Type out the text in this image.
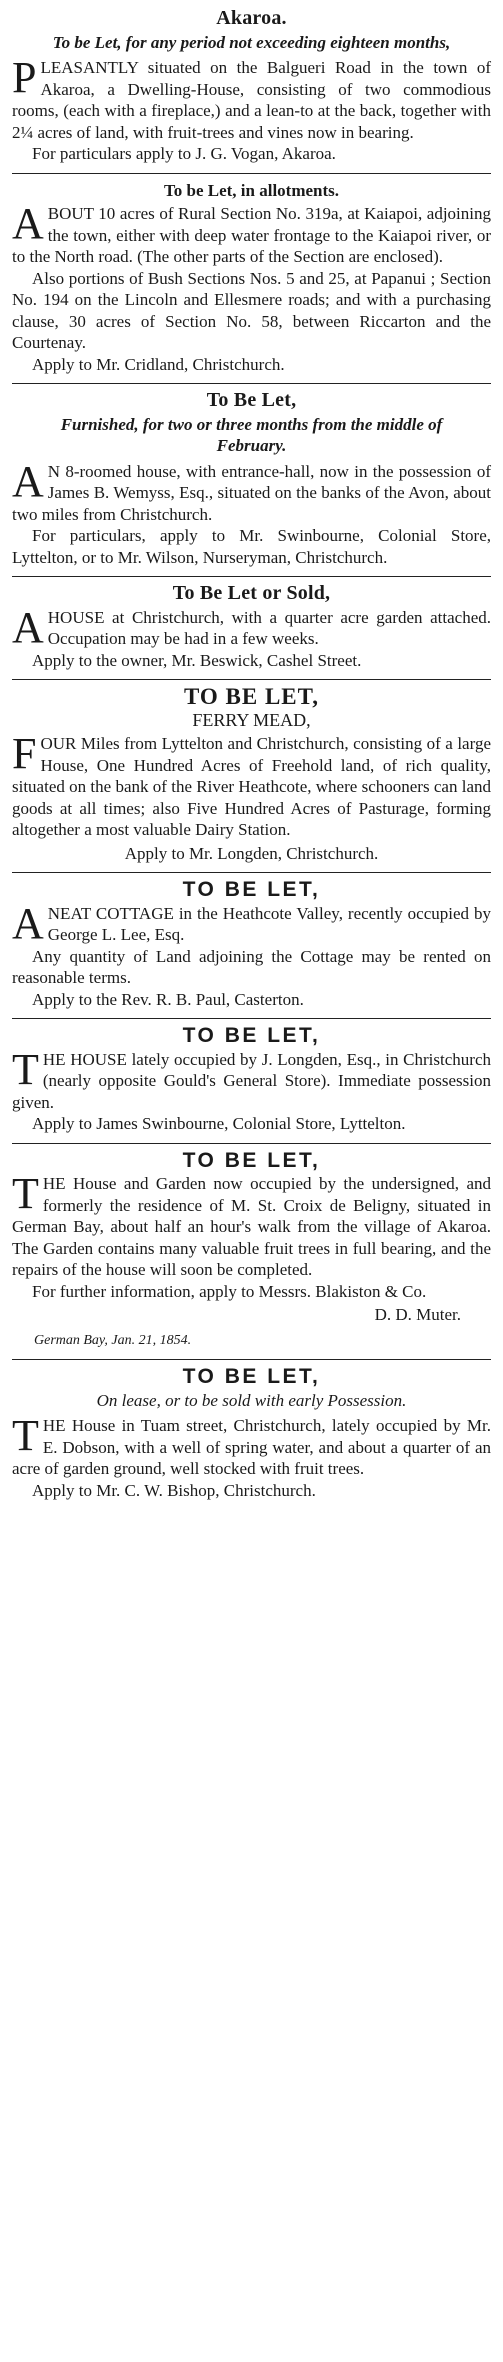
Akaroa.
To be Let, for any period not exceeding eighteen months,

PLEASANTLY situated on the Balgueri Road in the town of Akaroa, a Dwelling-House, consisting of two commodious rooms, (each with a fireplace,) and a lean-to at the back, together with 2¼ acres of land, with fruit-trees and vines now in bearing.

For particulars apply to J. G. Vogan, Akaroa.

To be Let, in allotments.

ABOUT 10 acres of Rural Section No. 319a, at Kaiapoi, adjoining the town, either with deep water frontage to the Kaiapoi river, or to the North road. (The other parts of the Section are enclosed).

Also portions of Bush Sections Nos. 5 and 25, at Papanui ; Section No. 194 on the Lincoln and Ellesmere roads; and with a purchasing clause, 30 acres of Section No. 58, between Riccarton and the Courtenay.

Apply to Mr. Cridland, Christchurch.

To Be Let,
Furnished, for two or three months from the middle of February.

A N 8-roomed house, with entrance-hall, now in the possession of James B. Wemyss, Esq., situated on the banks of the Avon, about two miles from Christchurch.

For particulars, apply to Mr. Swinbourne, Colonial Store, Lyttelton, or to Mr. Wilson, Nurseryman, Christchurch.

To Be Let or Sold,

AHOUSE at Christchurch, with a quarter acre garden attached. Occupation may be had in a few weeks.

Apply to the owner, Mr. Beswick, Cashel Street.

TO BE LET,
FERRY MEAD,

FOUR Miles from Lyttelton and Christchurch, consisting of a large House, One Hundred Acres of Freehold land, of rich quality, situated on the bank of the River Heathcote, where schooners can land goods at all times; also Five Hundred Acres of Pasturage, forming altogether a most valuable Dairy Station.

Apply to Mr. Longden, Christchurch.

TO BE LET,

ANEAT COTTAGE in the Heathcote Valley, recently occupied by George L. Lee, Esq.

Any quantity of Land adjoining the Cottage may be rented on reasonable terms.

Apply to the Rev. R. B. Paul, Casterton.

TO BE LET,

THE HOUSE lately occupied by J. Longden, Esq., in Christchurch (nearly opposite Gould's General Store). Immediate possession given.

Apply to James Swinbourne, Colonial Store, Lyttelton.

TO BE LET,

THE House and Garden now occupied by the undersigned, and formerly the residence of M. St. Croix de Beligny, situated in German Bay, about half an hour's walk from the village of Akaroa. The Garden contains many valuable fruit trees in full bearing, and the repairs of the house will soon be completed.

For further information, apply to Messrs. Blakiston & Co.

D. D. Muter.
German Bay, Jan. 21, 1854.
TO BE LET,
On lease, or to be sold with early Possession.

THE House in Tuam street, Christchurch, lately occupied by Mr. E. Dobson, with a well of spring water, and about a quarter of an acre of garden ground, well stocked with fruit trees.

Apply to Mr. C. W. Bishop, Christchurch.
